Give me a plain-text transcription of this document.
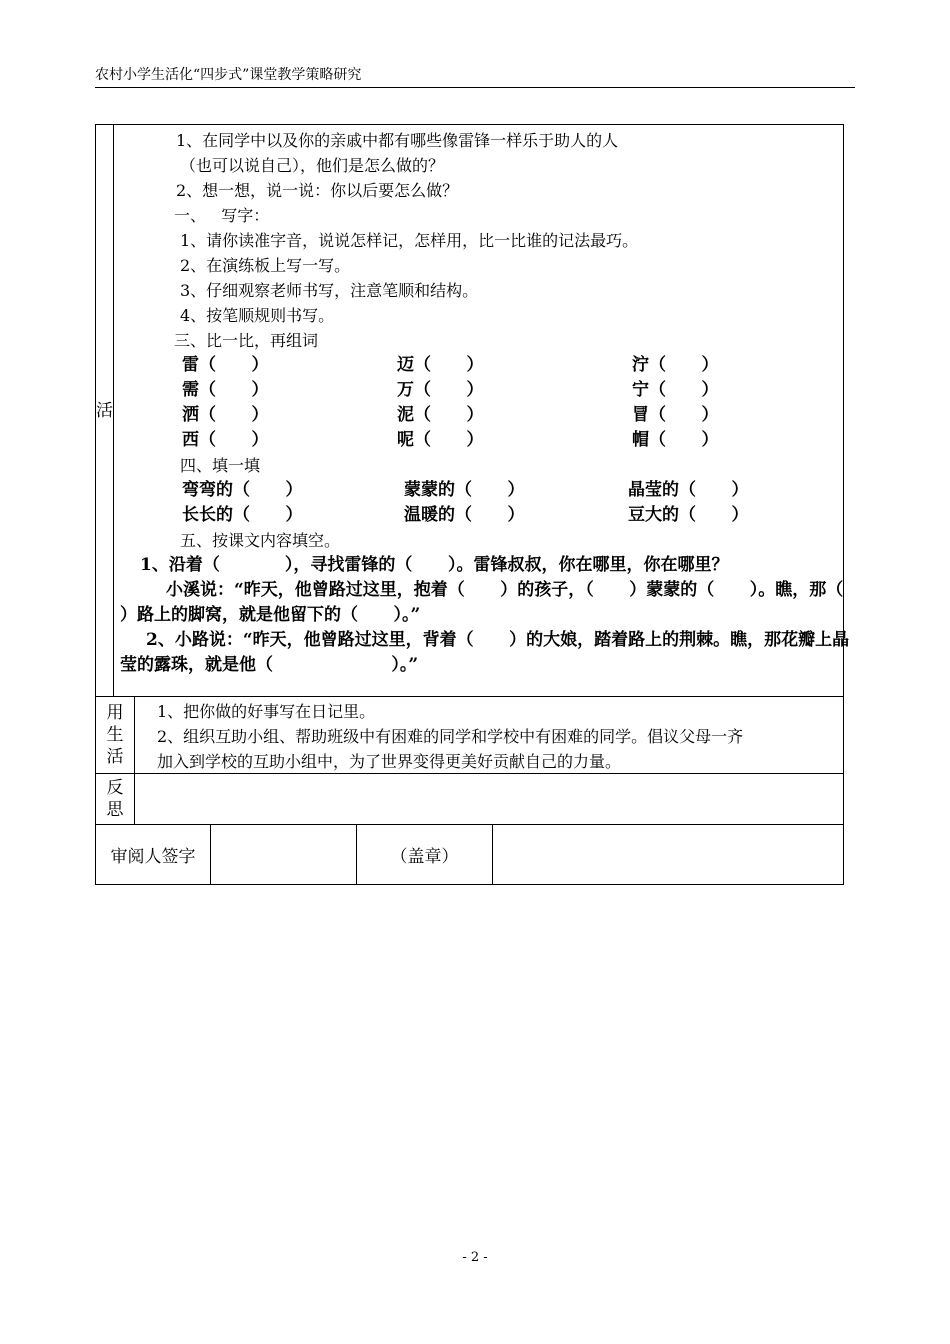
农村小学生活化“四步式”课堂教学策略研究
活
1、在同学中以及你的亲戚中都有哪些像雷锋一样乐于助人的人
（也可以说自己），他们是怎么做的？
2、想一想，说一说：你以后要怎么做？
一、   写字：
1、请你读准字音，说说怎样记，怎样用，比一比谁的记法最巧。
2、在演练板上写一写。
3、仔细观察老师书写，注意笔顺和结构。
4、按笔顺规则书写。
三、比一比，再组词
雷（      ）	迈（      ）	泞（      ）
需（      ）	万（      ）	宁（      ）
洒（      ）	泥（      ）	冒（      ）
西（      ）	呢（      ）	帽（      ）
四、填一填
弯弯的（      ）	蒙蒙的（      ）	晶莹的（      ）
长长的（      ）	温暖的（      ）	豆大的（      ）
五、按课文内容填空。
1、沿着（           ），寻找雷锋的（      ）。雷锋叔叔，你在哪里，你在哪里？
小溪说：“昨天，他曾路过这里，抱着（      ）的孩子，（      ）蒙蒙的（      ）。瞧，那（      ）路上的脚窝，就是他留下的（      ）。”
2、小路说：“昨天，他曾路过这里，背着（      ）的大娘，踏着路上的荆棘。瞧，那花瓣上晶莹的露珠，就是他（                    ）。”
用生活
1、把你做的好事写在日记里。
2、组织互助小组、帮助班级中有困难的同学和学校中有困难的同学。倡议父母一齐
加入到学校的互助小组中，为了世界变得更美好贡献自己的力量。
反思
审阅人签字	（盖章）
- 2 -
